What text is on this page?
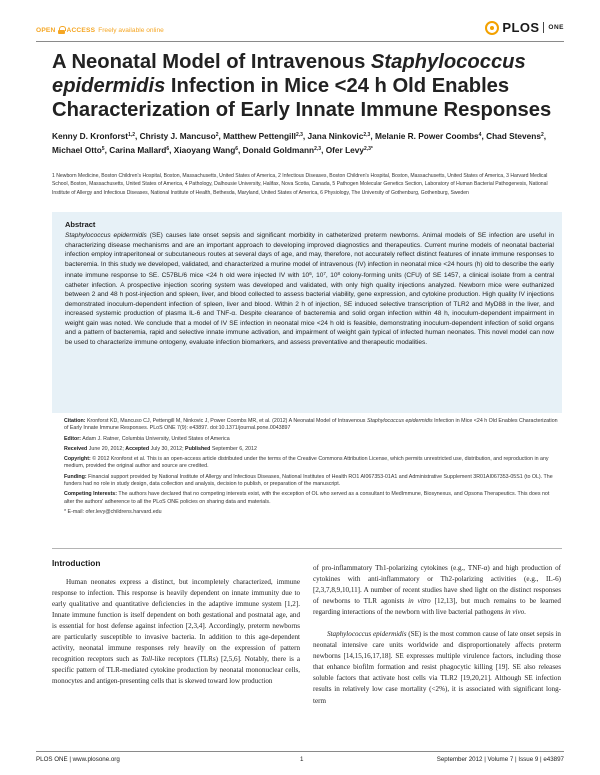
OPEN ACCESS Freely available online	PLOS ONE
A Neonatal Model of Intravenous Staphylococcus epidermidis Infection in Mice <24 h Old Enables Characterization of Early Innate Immune Responses
Kenny D. Kronforst$^{1,2}$, Christy J. Mancuso$^2$, Matthew Pettengill$^{2,3}$, Jana Ninkovic$^{2,3}$, Melanie R. Power Coombs$^4$, Chad Stevens$^2$, Michael Otto$^5$, Carina Mallard$^6$, Xiaoyang Wang$^6$, Donald Goldmann$^{2,3}$, Ofer Levy$^{2,3*}$
1 Newborn Medicine, Boston Children's Hospital, Boston, Massachusetts, United States of America, 2 Infectious Diseases, Boston Children's Hospital, Boston, Massachusetts, United States of America, 3 Harvard Medical School, Boston, Massachusetts, United States of America, 4 Pathology, Dalhousie University, Halifax, Nova Scotia, Canada, 5 Pathogen Molecular Genetics Section, Laboratory of Human Bacterial Pathogenesis, National Institute of Allergy and Infectious Diseases, National Institute of Health, Bethesda, Maryland, United States of America, 6 Physiology, The University of Gothenburg, Gothenburg, Sweden
Abstract

Staphylococcus epidermidis (SE) causes late onset sepsis and significant morbidity in catheterized preterm newborns. Animal models of SE infection are useful in characterizing disease mechanisms and are an important approach to developing improved diagnostics and therapeutics. Current murine models of neonatal bacterial infection employ intraperitoneal or subcutaneous routes at several days of age, and may, therefore, not accurately reflect distinct features of innate immune responses to bacteremia. In this study we developed, validated, and characterized a murine model of intravenous (IV) infection in neonatal mice <24 hours (h) old to describe the early innate immune response to SE. C57BL/6 mice <24 h old were injected IV with $10^6$, $10^7$, $10^8$ colony-forming units (CFU) of SE 1457, a clinical isolate from a central catheter infection. A prospective injection scoring system was developed and validated, with only high quality injections analyzed. Newborn mice were euthanized between 2 and 48 h post-injection and spleen, liver, and blood collected to assess bacterial viability, gene expression, and cytokine production. High quality IV injections demonstrated inoculum-dependent infection of spleen, liver and blood. Within 2 h of injection, SE induced selective transcription of TLR2 and MyD88 in the liver, and increased systemic production of plasma IL-6 and TNF-α. Despite clearance of bacteremia and solid organ infection within 48 h, inoculum-dependent impairment in weight gain was noted. We conclude that a model of IV SE infection in neonatal mice <24 h old is feasible, demonstrating inoculum-dependent infection of solid organs and a pattern of bacteremia, rapid and selective innate immune activation, and impairment of weight gain typical of infected human neonates. This novel model can now be used to characterize immune ontogeny, evaluate infection biomarkers, and assess preventative and therapeutic modalities.

Citation: Kronforst KD, Mancuso CJ, Pettengill M, Ninkovic J, Power Coombs MR, et al. (2012) A Neonatal Model of Intravenous Staphylococcus epidermidis Infection in Mice <24 h Old Enables Characterization of Early Innate Immune Responses. PLoS ONE 7(9): e43897. doi:10.1371/journal.pone.0043897

Editor: Adam J. Ratner, Columbia University, United States of America

Received June 20, 2012; Accepted July 30, 2012; Published September 6, 2012

Copyright: © 2012 Kronforst et al. This is an open-access article distributed under the terms of the Creative Commons Attribution License, which permits unrestricted use, distribution, and reproduction in any medium, provided the original author and source are credited.

Funding: Financial support provided by National Institute of Allergy and Infectious Diseases, National Institutes of Health RO1 AI067353-01A1 and Administrative Supplement 3R01AI067353-05S1 (to OL). The funders had no role in study design, data collection and analysis, decision to publish, or preparation of the manuscript.

Competing Interests: The authors have declared that no competing interests exist, with the exception of OL who served as a consultant to MedImmune, Biosynexus, and Opsona Therapeutics. This does not alter the authors' adherence to all the PLoS ONE policies on sharing data and materials.

* E-mail: ofer.levy@childrens.harvard.edu

Introduction

Human neonates express a distinct, but incompletely characterized, immune response to infection. This response is heavily dependent on innate immunity due to early qualitative and quantitative deficiencies in the adaptive immune system [1,2]. Innate immune function is itself dependent on both gestational and postnatal age, and is essential for host defense against infection [2,3,4]. Accordingly, preterm newborns are particularly susceptible to invasive bacteria. In addition to this age-dependent activity, neonatal immune responses rely heavily on the expression of pattern recognition receptors such as Toll-like receptors (TLRs) [2,5,6]. Notably, there is a specific pattern of TLR-mediated cytokine production by neonatal mononuclear cells, monocytes and antigen-presenting cells that is skewed toward low production

of pro-inflammatory Th1-polarizing cytokines (e.g., TNF-α) and high production of cytokines with anti-inflammatory or Th2-polarizing activities (e.g., IL-6) [2,3,7,8,9,10,11]. A number of recent studies have shed light on the distinct responses of newborns to TLR agonists in vitro [12,13], but much remains to be learned regarding interactions of the newborn with live bacterial pathogens in vivo.

Staphylococcus epidermidis (SE) is the most common cause of late onset sepsis in neonatal intensive care units worldwide and disproportionately affects preterm newborns [14,15,16,17,18]. SE expresses multiple virulence factors, including those that enhance biofilm formation and resist phagocytic killing [19]. SE also releases soluble factors that activate host cells via TLR2 [19,20,21]. Although SE infection results in relatively low case mortality (<2%), it is associated with significant long-term

PLOS ONE | www.plosone.org	1	September 2012 | Volume 7 | Issue 9 | e43897
